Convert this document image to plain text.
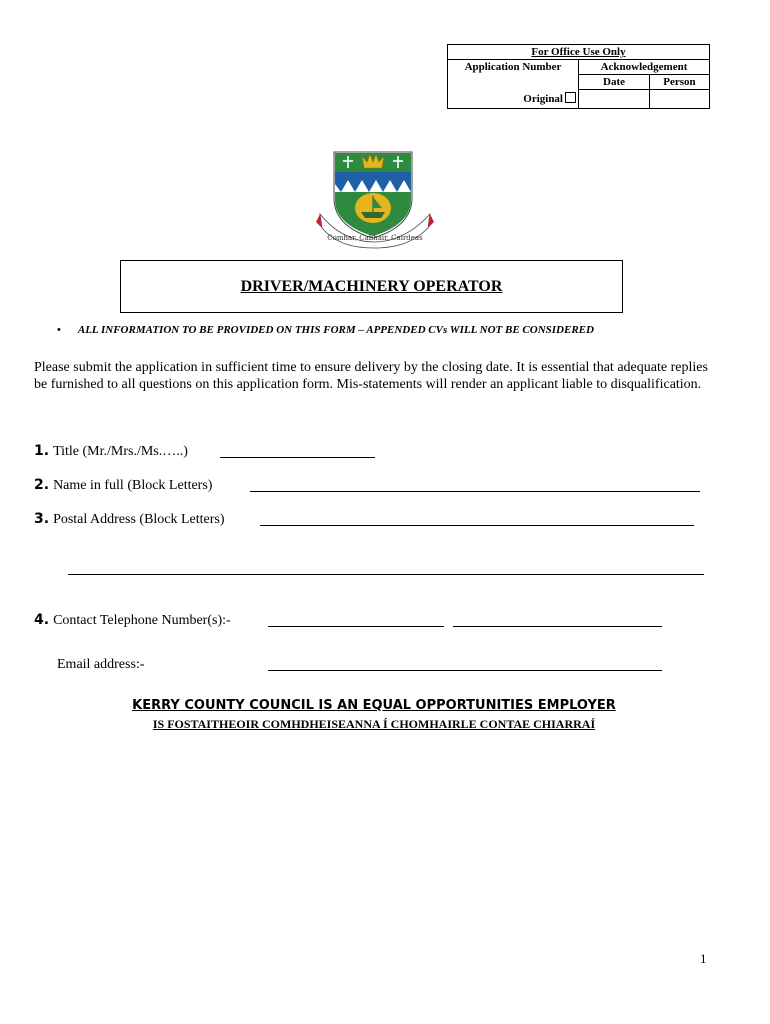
For Office Use Only		
Application Number	Acknowledgement	
	Date	Person
Original		
Comhar, Cabhair, Cairdeas
DRIVER/MACHINERY OPERATOR
• ALL INFORMATION TO BE PROVIDED ON THIS FORM – APPENDED CVs WILL NOT BE CONSIDERED
Please submit the application in sufficient time to ensure delivery by the closing date. It is essential that adequate replies be furnished to all questions on this application form. Mis-statements will render an applicant liable to disqualification.
1. Title (Mr./Mrs./Ms.…..)
2. Name in full (Block Letters)
3. Postal Address (Block Letters)
4. Contact Telephone Number(s):-
Email address:-
KERRY COUNTY COUNCIL IS AN EQUAL OPPORTUNITIES EMPLOYER
IS FOSTAITHEOIR COMHDHEISEANNA Í CHOMHAIRLE CONTAE CHIARRAÍ
1
